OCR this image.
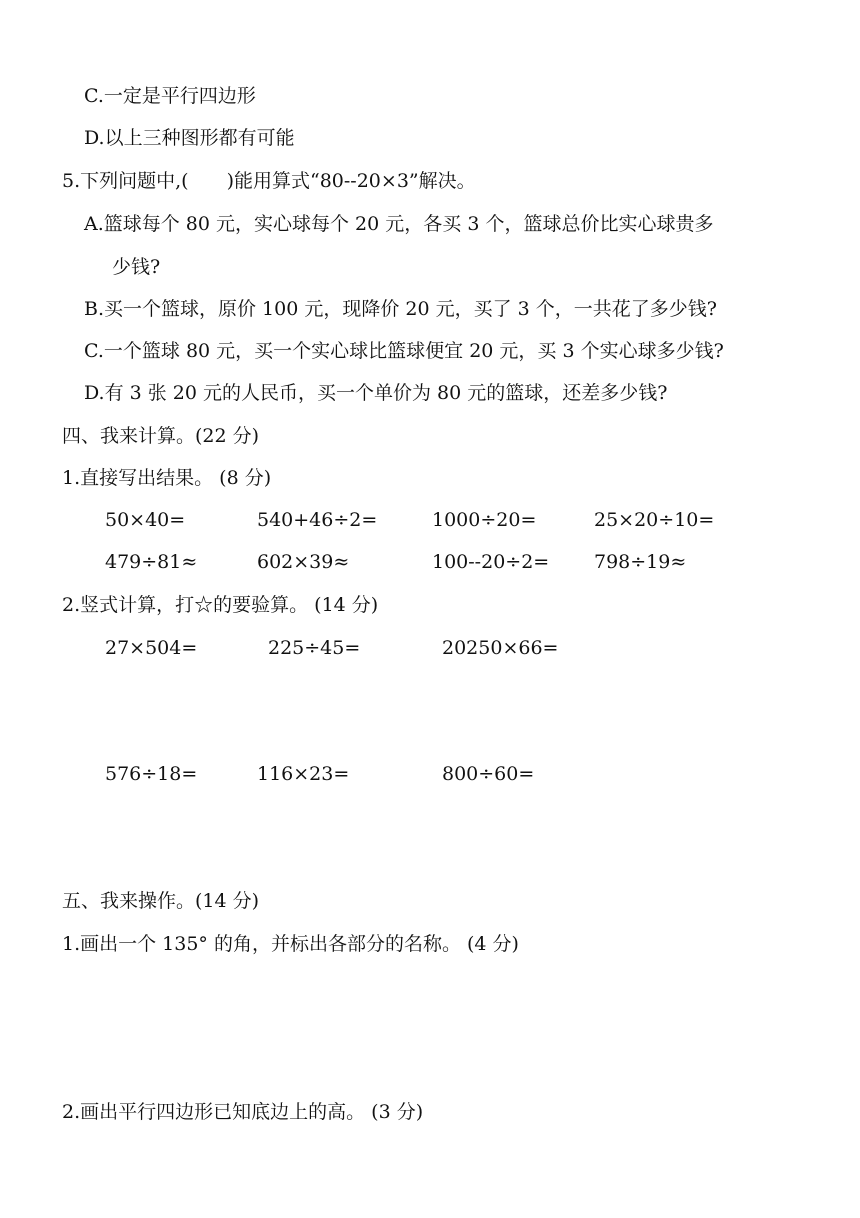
C.一定是平行四边形
D.以上三种图形都有可能
5.下列问题中,(　　)能用算式“80--20×3”解决。
A.篮球每个 80 元，实心球每个 20 元，各买 3 个，篮球总价比实心球贵多
少钱?
B.买一个篮球，原价 100 元，现降价 20 元，买了 3 个，一共花了多少钱?
C.一个篮球 80 元，买一个实心球比篮球便宜 20 元，买 3 个实心球多少钱?
D.有 3 张 20 元的人民币，买一个单价为 80 元的篮球，还差多少钱?
四、我来计算。(22 分)
1.直接写出结果。 (8 分)
50×40=	540+46÷2=	1000÷20=	25×20÷10=
479÷81≈	602×39≈	100--20÷2= 798÷19≈
2.竖式计算，打☆的要验算。 (14 分)
27×504=	225÷45=	20250×66=
576÷18=	116×23=	800÷60=
五、我来操作。(14 分)
1.画出一个 135° 的角，并标出各部分的名称。 (4 分)
2.画出平行四边形已知底边上的高。 (3 分)
